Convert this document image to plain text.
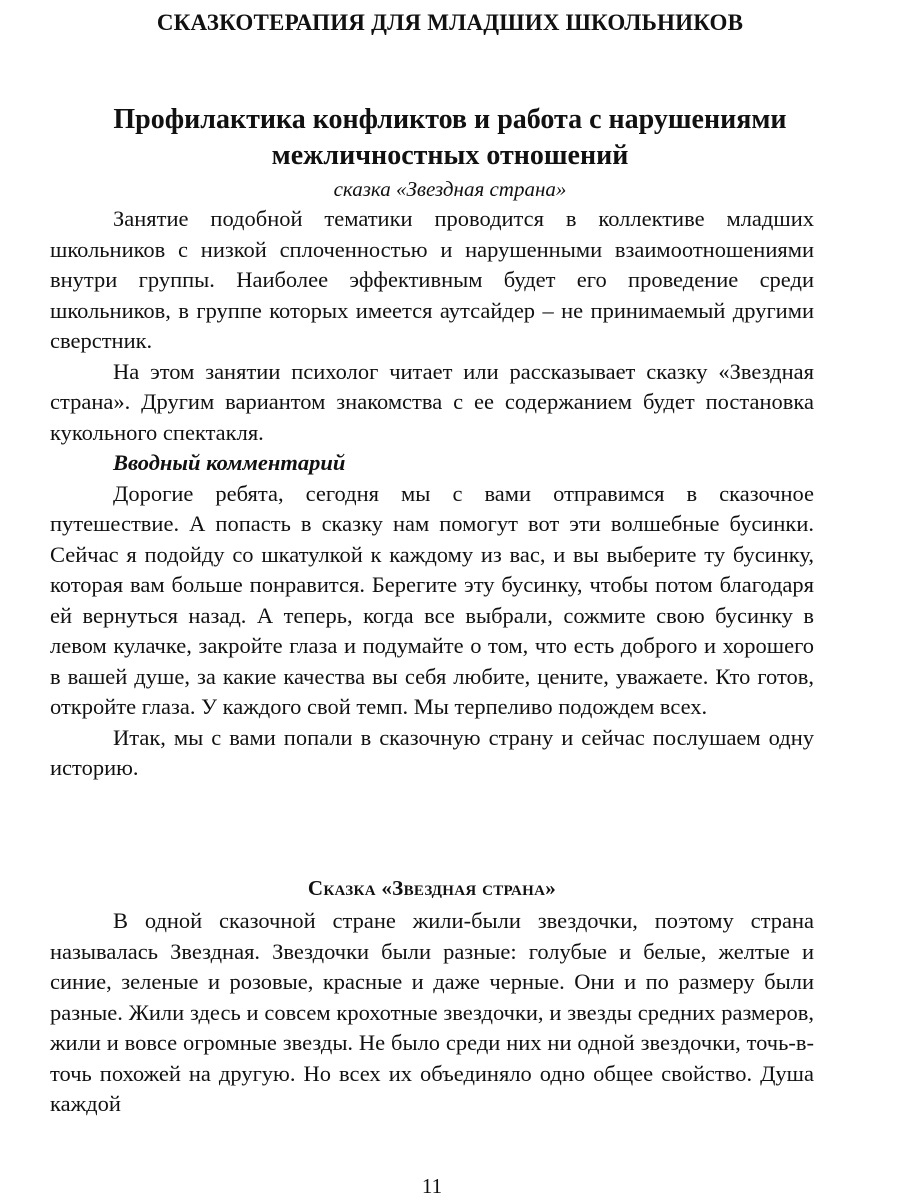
СКАЗКОТЕРАПИЯ ДЛЯ МЛАДШИХ ШКОЛЬНИКОВ
Профилактика конфликтов и работа с нарушениями межличностных отношений
сказка «Звездная страна»

Занятие подобной тематики проводится в коллективе младших школьников с низкой сплоченностью и нарушенными взаимоотношениями внутри группы. Наиболее эффективным будет его проведение среди школьников, в группе которых имеется аутсайдер – не принимаемый другими сверстник.

На этом занятии психолог читает или рассказывает сказку «Звездная страна». Другим вариантом знакомства с ее содержанием будет постановка кукольного спектакля.

Вводный комментарий

Дорогие ребята, сегодня мы с вами отправимся в сказочное путешествие. А попасть в сказку нам помогут вот эти волшебные бусинки. Сейчас я подойду со шкатулкой к каждому из вас, и вы выберите ту бусинку, которая вам больше понравится. Берегите эту бусинку, чтобы потом благодаря ей вернуться назад. А теперь, когда все выбрали, сожмите свою бусинку в левом кулачке, закройте глаза и подумайте о том, что есть доброго и хорошего в вашей душе, за какие качества вы себя любите, цените, уважаете. Кто готов, откройте глаза. У каждого свой темп. Мы терпеливо подождем всех.

Итак, мы с вами попали в сказочную страну и сейчас послушаем одну историю.

Сказка «Звездная страна»

В одной сказочной стране жили-были звездочки, поэтому страна называлась Звездная. Звездочки были разные: голубые и белые, желтые и синие, зеленые и розовые, красные и даже черные. Они и по размеру были разные. Жили здесь и совсем крохотные звездочки, и звезды средних размеров, жили и вовсе огромные звезды. Не было среди них ни одной звездочки, точь-в-точь похожей на другую. Но всех их объединяло одно общее свойство. Душа каждой

11
